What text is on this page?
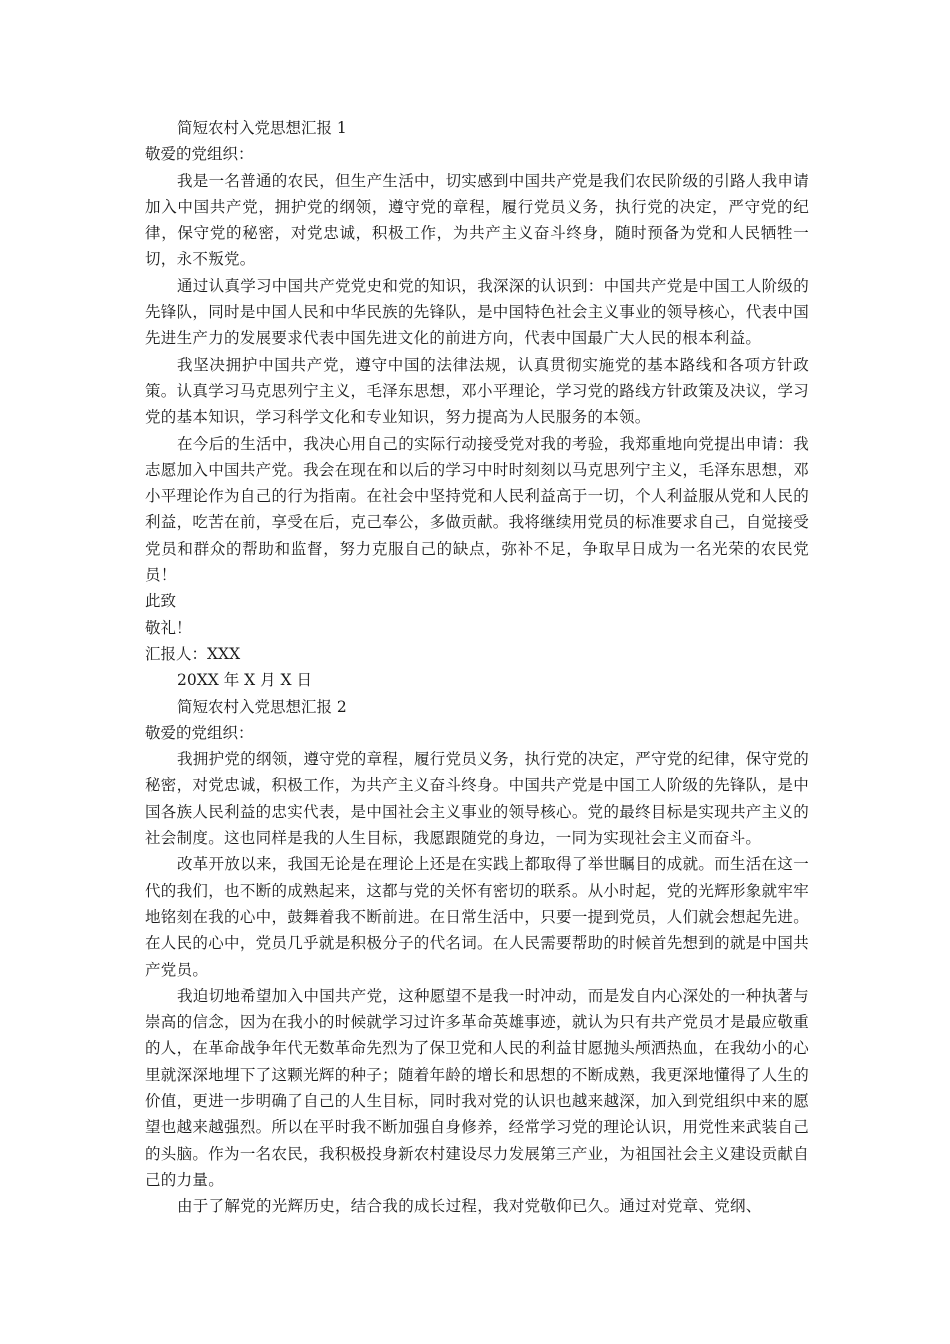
简短农村入党思想汇报 1

敬爱的党组织：

我是一名普通的农民，但生产生活中，切实感到中国共产党是我们农民阶级的引路人我申请加入中国共产党，拥护党的纲领，遵守党的章程，履行党员义务，执行党的决定，严守党的纪律，保守党的秘密，对党忠诚，积极工作，为共产主义奋斗终身，随时预备为党和人民牺牲一切，永不叛党。

通过认真学习中国共产党党史和党的知识，我深深的认识到：中国共产党是中国工人阶级的先锋队，同时是中国人民和中华民族的先锋队，是中国特色社会主义事业的领导核心，代表中国先进生产力的发展要求代表中国先进文化的前进方向，代表中国最广大人民的根本利益。

我坚决拥护中国共产党，遵守中国的法律法规，认真贯彻实施党的基本路线和各项方针政策。认真学习马克思列宁主义，毛泽东思想，邓小平理论，学习党的路线方针政策及决议，学习党的基本知识，学习科学文化和专业知识，努力提高为人民服务的本领。

在今后的生活中，我决心用自己的实际行动接受党对我的考验，我郑重地向党提出申请：我志愿加入中国共产党。我会在现在和以后的学习中时时刻刻以马克思列宁主义，毛泽东思想，邓小平理论作为自己的行为指南。在社会中坚持党和人民利益高于一切，个人利益服从党和人民的利益，吃苦在前，享受在后，克己奉公，多做贡献。我将继续用党员的标准要求自己，自觉接受党员和群众的帮助和监督，努力克服自己的缺点，弥补不足，争取早日成为一名光荣的农民党员！

此致

敬礼！

汇报人：XXX

20XX 年 X 月 X 日

简短农村入党思想汇报 2

敬爱的党组织：

我拥护党的纲领，遵守党的章程，履行党员义务，执行党的决定，严守党的纪律，保守党的秘密，对党忠诚，积极工作，为共产主义奋斗终身。中国共产党是中国工人阶级的先锋队，是中国各族人民利益的忠实代表，是中国社会主义事业的领导核心。党的最终目标是实现共产主义的社会制度。这也同样是我的人生目标，我愿跟随党的身边，一同为实现社会主义而奋斗。

改革开放以来，我国无论是在理论上还是在实践上都取得了举世瞩目的成就。而生活在这一代的我们，也不断的成熟起来，这都与党的关怀有密切的联系。从小时起，党的光辉形象就牢牢地铭刻在我的心中，鼓舞着我不断前进。在日常生活中，只要一提到党员，人们就会想起先进。在人民的心中，党员几乎就是积极分子的代名词。在人民需要帮助的时候首先想到的就是中国共产党员。

我迫切地希望加入中国共产党，这种愿望不是我一时冲动，而是发自内心深处的一种执著与崇高的信念，因为在我小的时候就学习过许多革命英雄事迹，就认为只有共产党员才是最应敬重的人，在革命战争年代无数革命先烈为了保卫党和人民的利益甘愿抛头颅洒热血，在我幼小的心里就深深地埋下了这颗光辉的种子；随着年龄的增长和思想的不断成熟，我更深地懂得了人生的价值，更进一步明确了自己的人生目标，同时我对党的认识也越来越深，加入到党组织中来的愿望也越来越强烈。所以在平时我不断加强自身修养，经常学习党的理论认识，用党性来武装自己的头脑。作为一名农民，我积极投身新农村建设尽力发展第三产业，为祖国社会主义建设贡献自己的力量。

由于了解党的光辉历史，结合我的成长过程，我对党敬仰已久。通过对党章、党纲、
